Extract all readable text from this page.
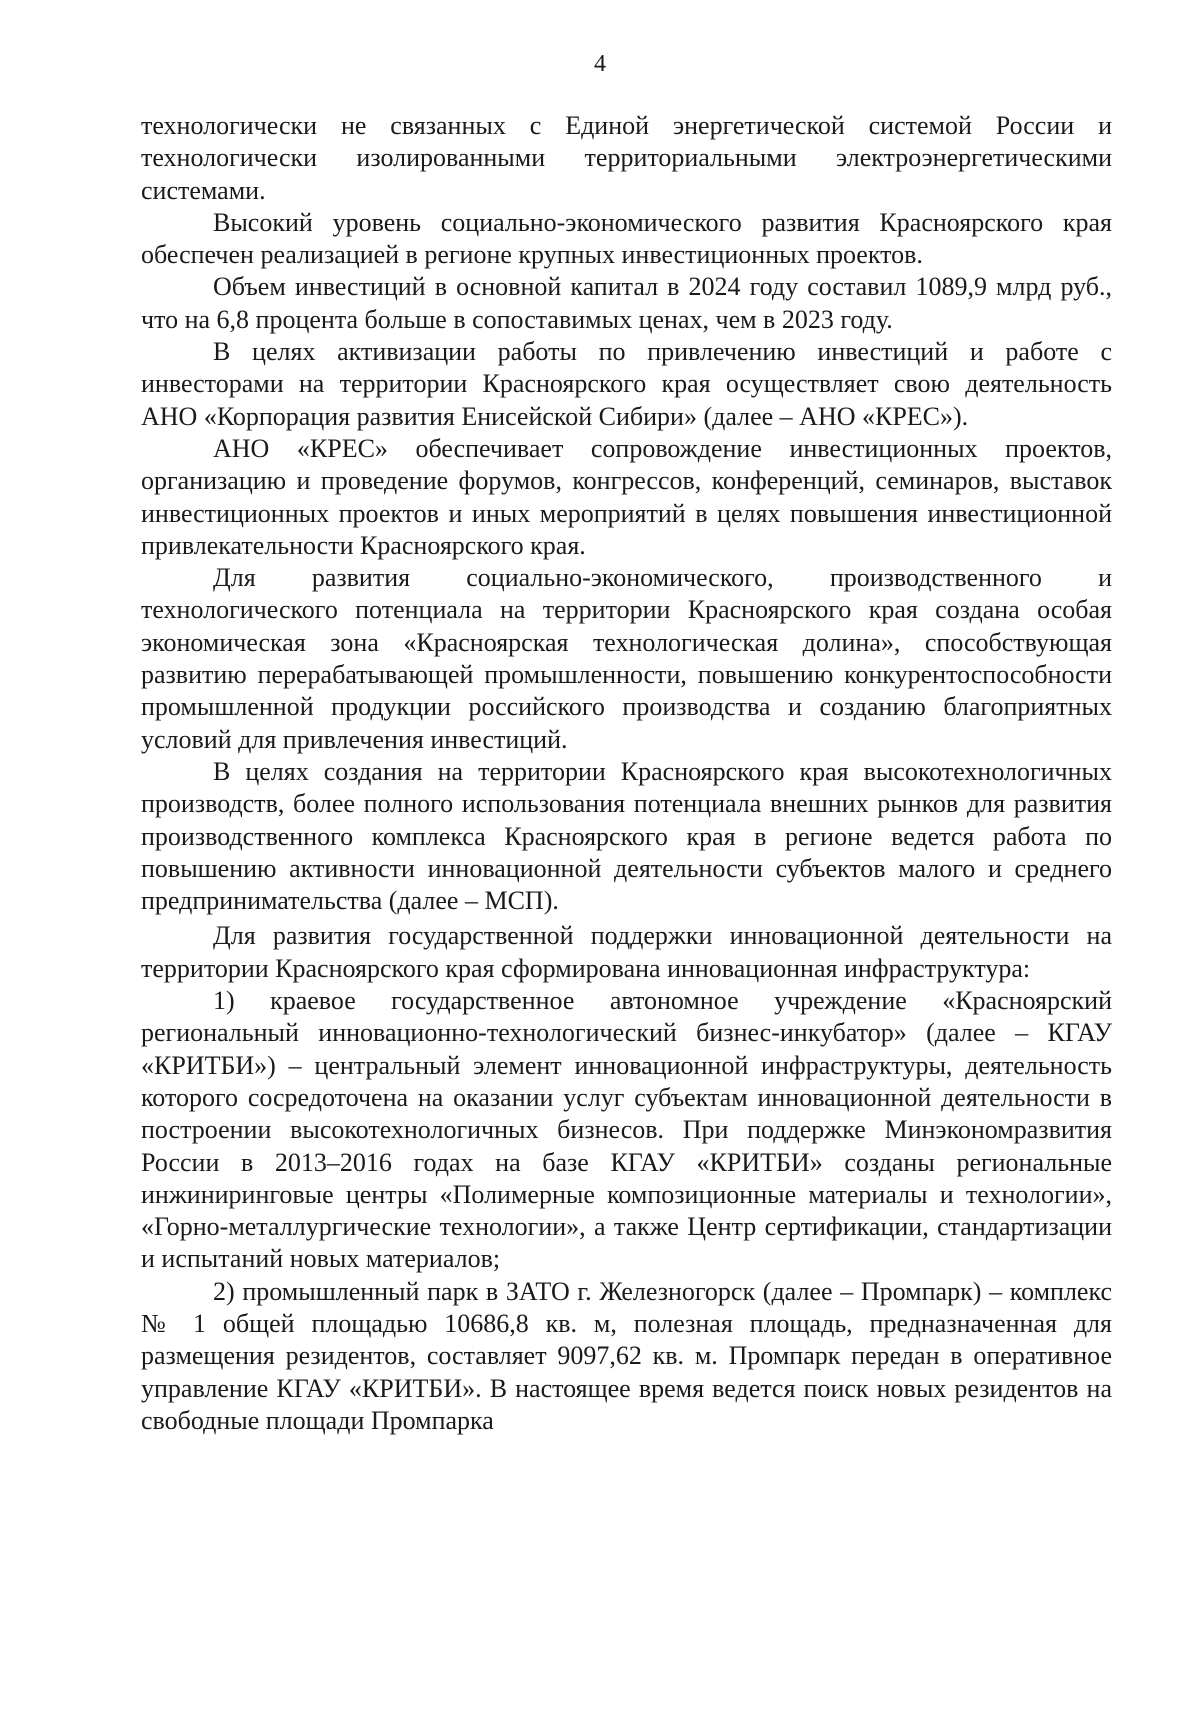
4

технологически не связанных с Единой энергетической системой России и технологически изолированными территориальными электроэнергетическими системами.

Высокий уровень социально-экономического развития Красноярского края обеспечен реализацией в регионе крупных инвестиционных проектов.

Объем инвестиций в основной капитал в 2024 году составил 1089,9 млрд руб., что на 6,8 процента больше в сопоставимых ценах, чем в 2023 году.

В целях активизации работы по привлечению инвестиций и работе с инвесторами на территории Красноярского края осуществляет свою деятельность АНО «Корпорация развития Енисейской Сибири» (далее – АНО «КРЕС»).

АНО «КРЕС» обеспечивает сопровождение инвестиционных проектов, организацию и проведение форумов, конгрессов, конференций, семинаров, выставок инвестиционных проектов и иных мероприятий в целях повышения инвестиционной привлекательности Красноярского края.

Для развития социально-экономического, производственного и технологического потенциала на территории Красноярского края создана особая экономическая зона «Красноярская технологическая долина», способствующая развитию перерабатывающей промышленности, повышению конкурентоспособности промышленной продукции российского производства и созданию благоприятных условий для привлечения инвестиций.

В целях создания на территории Красноярского края высокотехнологичных производств, более полного использования потенциала внешних рынков для развития производственного комплекса Красноярского края в регионе ведется работа по повышению активности инновационной деятельности субъектов малого и среднего предпринимательства (далее – МСП).

Для развития государственной поддержки инновационной деятельности на территории Красноярского края сформирована инновационная инфраструктура:

1) краевое государственное автономное учреждение «Красноярский региональный инновационно-технологический бизнес-инкубатор» (далее – КГАУ «КРИТБИ») – центральный элемент инновационной инфраструктуры, деятельность которого сосредоточена на оказании услуг субъектам инновационной деятельности в построении высокотехнологичных бизнесов. При поддержке Минэкономразвития России в 2013–2016 годах на базе КГАУ «КРИТБИ» созданы региональные инжиниринговые центры «Полимерные композиционные материалы и технологии», «Горно-металлургические технологии», а также Центр сертификации, стандартизации и испытаний новых материалов;

2) промышленный парк в ЗАТО г. Железногорск (далее – Промпарк) – комплекс № 1 общей площадью 10686,8 кв. м, полезная площадь, предназначенная для размещения резидентов, составляет 9097,62 кв. м. Промпарк передан в оперативное управление КГАУ «КРИТБИ». В настоящее время ведется поиск новых резидентов на свободные площади Промпарка
